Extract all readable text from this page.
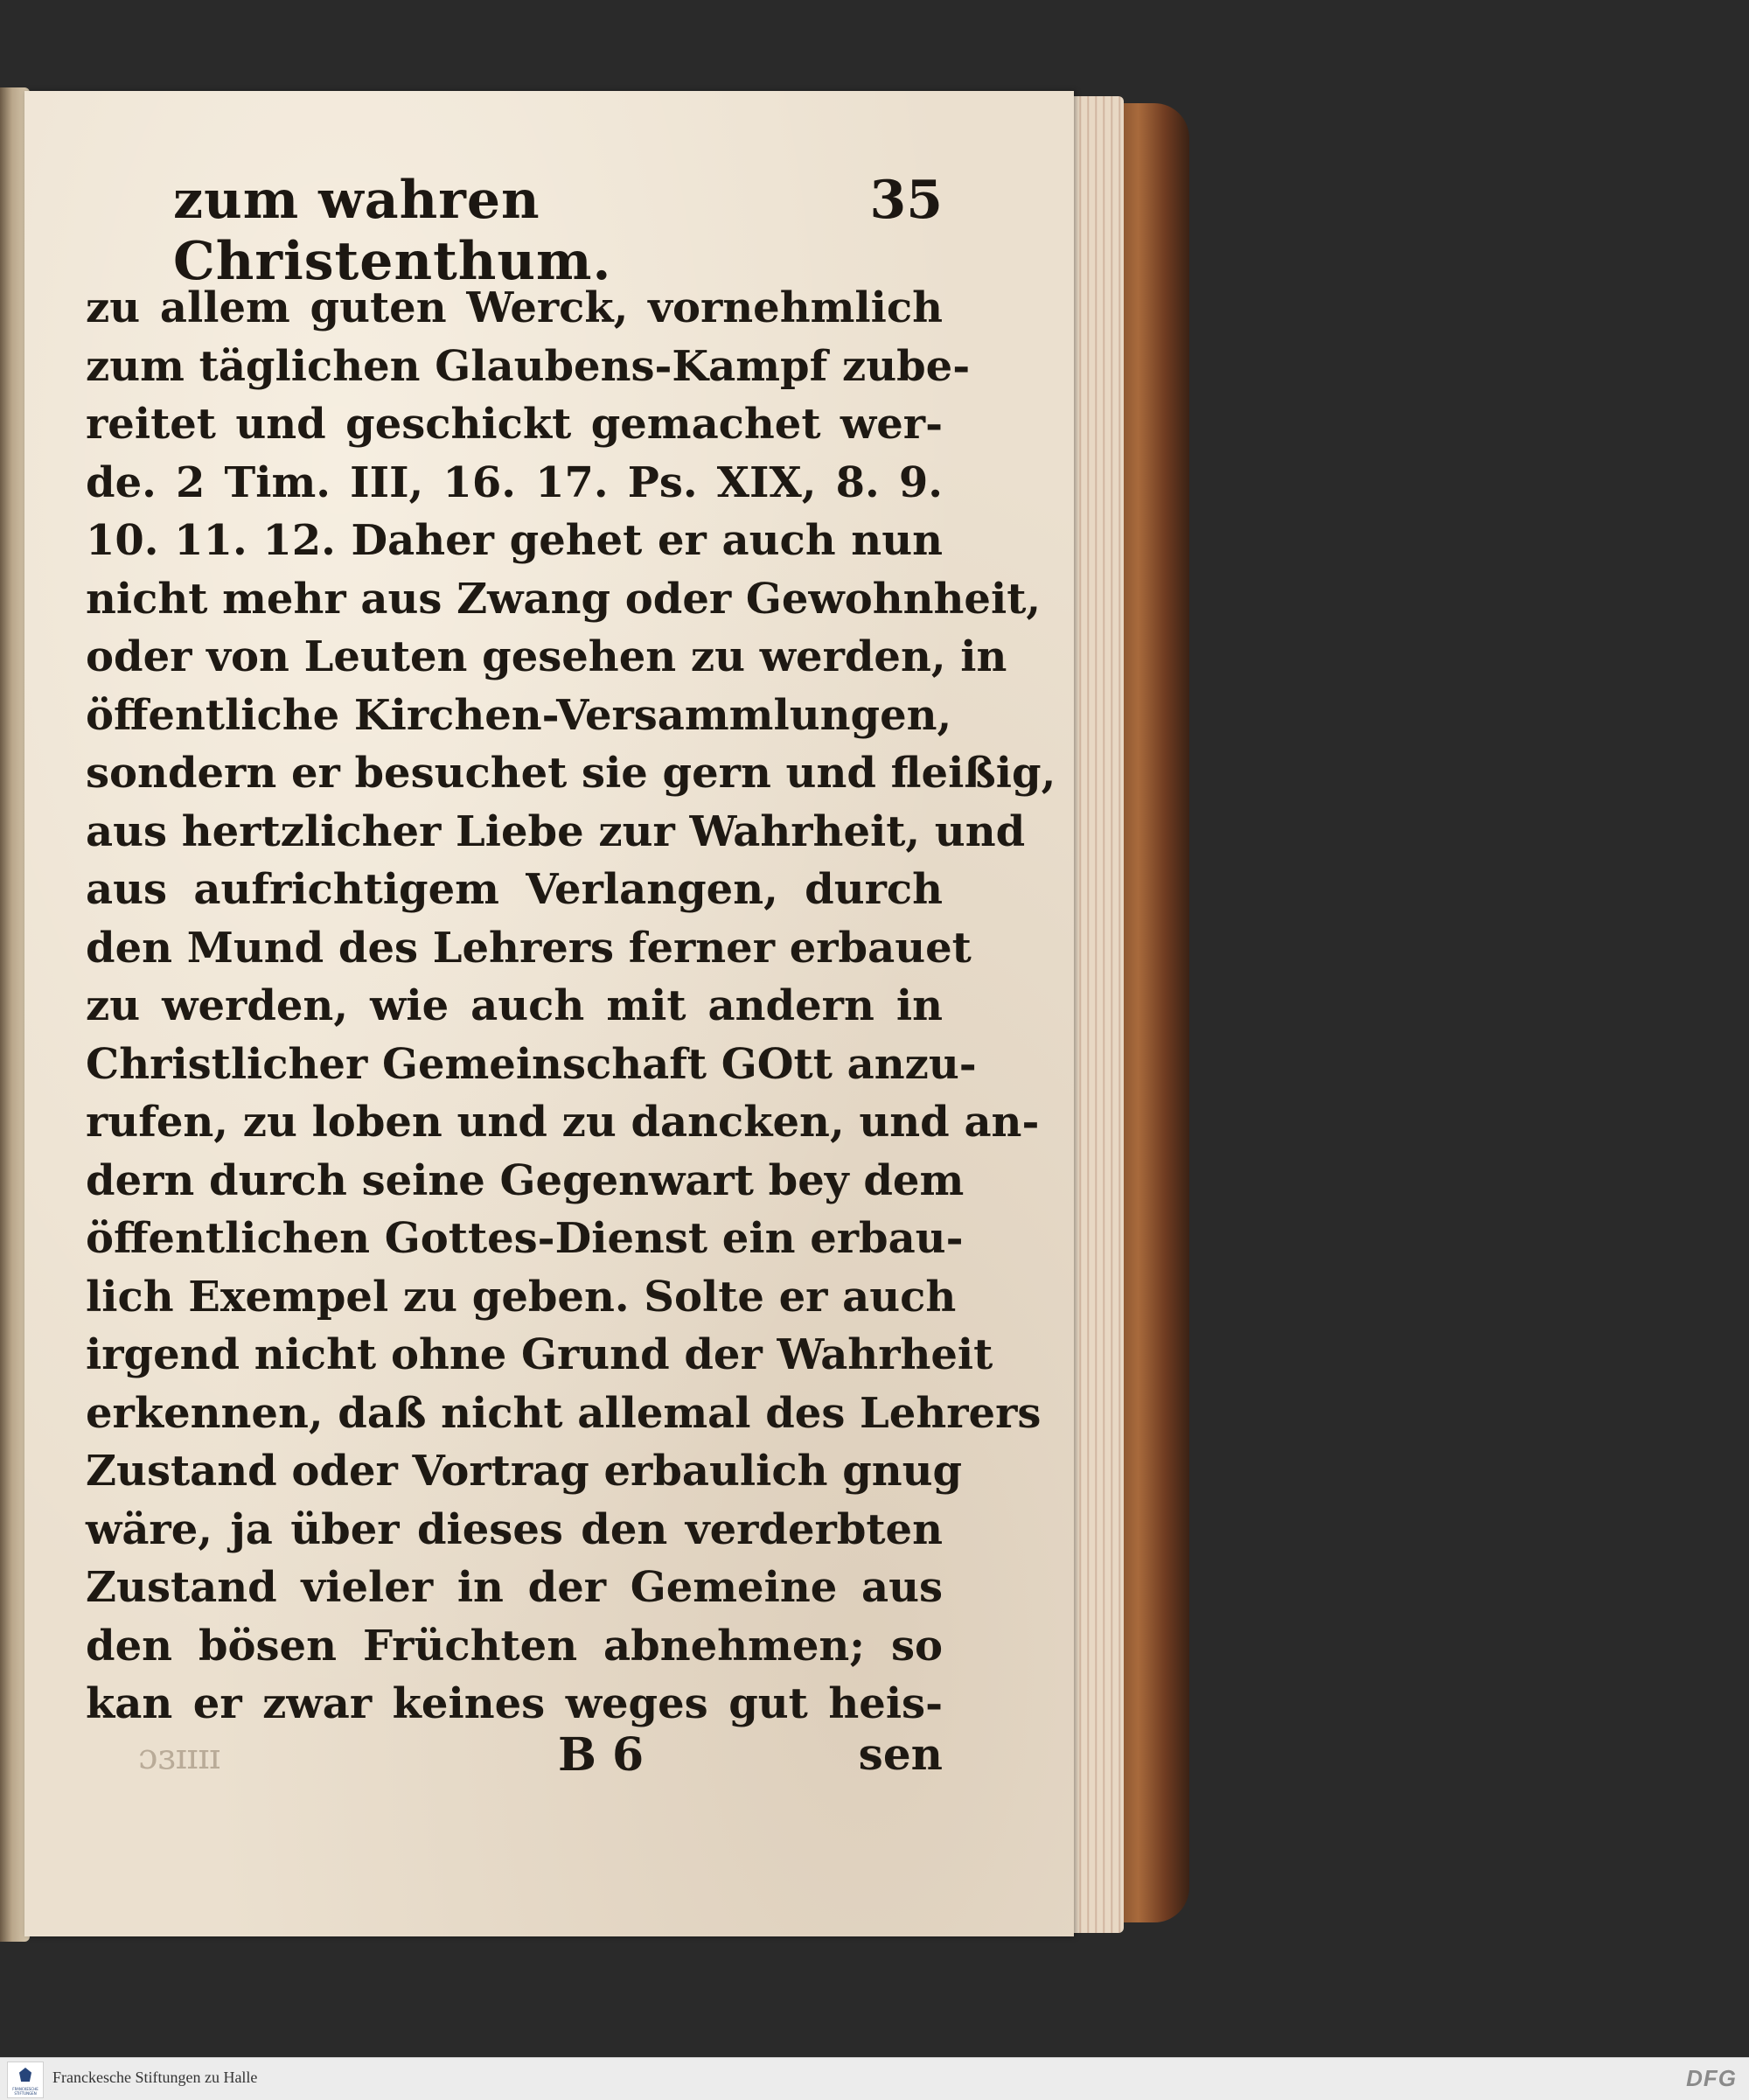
zum wahren Christenthum.
35
zu allem guten Werck, vornehmlich
zum täglichen Glaubens-Kampf zube-
reitet und geschickt gemachet wer-
de. 2 Tim. III, 16. 17. Ps. XIX, 8. 9.
10. 11. 12. Daher gehet er auch nun
nicht mehr aus Zwang oder Gewohnheit,
oder von Leuten gesehen zu werden, in
öffentliche Kirchen-Versammlungen,
sondern er besuchet sie gern und fleißig,
aus hertzlicher Liebe zur Wahrheit, und
aus aufrichtigem Verlangen, durch
den Mund des Lehrers ferner erbauet
zu werden, wie auch mit andern in
Christlicher Gemeinschaft GOtt anzu-
rufen, zu loben und zu dancken, und an-
dern durch seine Gegenwart bey dem
öffentlichen Gottes-Dienst ein erbau-
lich Exempel zu geben. Solte er auch
irgend nicht ohne Grund der Wahrheit
erkennen, daß nicht allemal des Lehrers
Zustand oder Vortrag erbaulich gnug
wäre, ja über dieses den verderbten
Zustand vieler in der Gemeine aus
den bösen Früchten abnehmen; so
kan er zwar keines weges gut heis-
ɔɜɪɪɪɪ	B 6	sen
FRANCKESCHE STIFTUNGEN
Franckesche Stiftungen zu Halle	DFG
